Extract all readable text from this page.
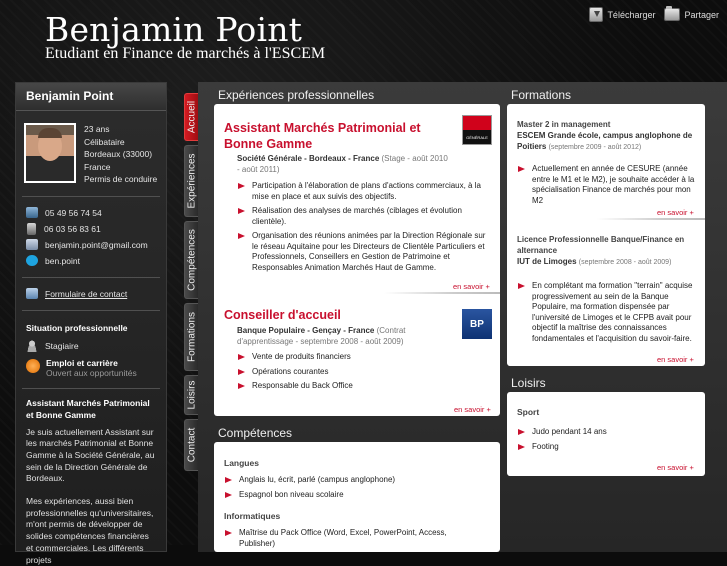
Benjamin Point
Etudiant en Finance de marchés à l'ESCEM
Télécharger	Partager
Benjamin Point
23 ans
Célibataire
Bordeaux (33000)
France
Permis de conduire
05 49 56 74 54
06 03 56 83 61
benjamin.point@gmail.com
ben.point
Formulaire de contact
Situation professionnelle
Stagiaire
Emploi et carrière
Ouvert aux opportunités
Assistant Marchés Patrimonial et Bonne Gamme
Je suis actuellement Assistant sur les marchés Patrimonial et Bonne Gamme à la Société Générale, au sein de la Direction Générale de Bordeaux.
Mes expériences, aussi bien professionnelles qu'universitaires, m'ont permis de développer de solides compétences financières et commerciales. Les différents projets
Accueil
Expériences
Compétences
Formations
Loisirs
Contact
Expériences professionnelles
GÉNÉRALE
Assistant Marchés Patrimonial et
Bonne Gamme
Société Générale - Bordeaux - France (Stage - août 2010 - août 2011)
Participation à l'élaboration de plans d'actions commerciaux, à la mise en place et aux suivis des objectifs.
Réalisation des analyses de marchés (ciblages et évolution clientèle).
Organisation des réunions animées par la Direction Régionale sur le réseau Aquitaine pour les Directeurs de Clientèle Particuliers et Professionnels, Conseillers en Gestion de Patrimoine et Responsables Animation Marchés Haut de Gamme.
en savoir +
BP
Conseiller d'accueil
Banque Populaire - Gençay - France (Contrat d'apprentissage - septembre 2008 - août 2009)
Vente de produits financiers
Opérations courantes
Responsable du Back Office
en savoir +
Compétences
Langues
Anglais lu, écrit, parlé (campus anglophone)
Espagnol bon niveau scolaire
Informatiques
Maîtrise du Pack Office (Word, Excel, PowerPoint, Access, Publisher)
Formations
Master 2 in management
ESCEM Grande école, campus anglophone de Poitiers (septembre 2009 - août 2012)
Actuellement en année de CESURE (année entre le M1 et le M2), je souhaite accéder à la spécialisation Finance de marchés pour mon M2
en savoir +
Licence Professionnelle Banque/Finance en alternance
IUT de Limoges (septembre 2008 - août 2009)
En complétant ma formation "terrain" acquise progressivement au sein de la Banque Populaire, ma formation dispensée par l'université de Limoges et le CFPB avait pour objectif la maîtrise des connaissances fondamentales et l'acquisition du savoir-faire.
en savoir +
Loisirs
Sport
Judo pendant 14 ans
Footing
en savoir +
